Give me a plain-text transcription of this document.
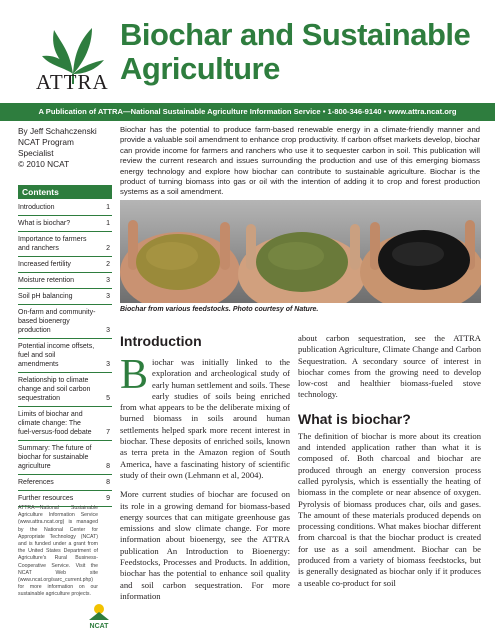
ATTRA
Biochar and Sustainable
Agriculture
A Publication of ATTRA—National Sustainable Agriculture Information Service • 1-800-346-9140 • www.attra.ncat.org
By Jeff Schahczenski
NCAT Program
Specialist
© 2010 NCAT
Biochar has the potential to produce farm-based renewable energy in a climate-friendly manner and provide a valuable soil amendment to enhance crop productivity. If carbon offset markets develop, biochar can provide income for farmers and ranchers who use it to sequester carbon in soil. This publication will review the current research and issues surrounding the production and use of this emerging biomass energy technology and explore how biochar can contribute to sustainable agriculture. Biochar is the product of turning biomass into gas or oil with the intention of adding it to crop and forest production systems as a soil amendment.
Contents
Introduction	1
What is biochar?	1
Importance to farmers and ranchers	2
Increased fertility	2
Moisture retention	3
Soil pH balancing	3
On-farm and community-based bioenergy production	3
Potential income offsets, fuel and soil amendments	3
Relationship to climate change and soil carbon sequestration	5
Limits of biochar and climate change: The fuel-versus-food debate 7
Summary: The future of biochar for sustainable agriculture	8
References	8
Further resources	9
ATTRA—National Sustainable Agriculture Information Service (www.attra.ncat.org) is managed by the National Center for Appropriate Technology (NCAT) and is funded under a grant from the United States Department of Agriculture's Rural Business-Cooperative Service. Visit the NCAT Web site (www.ncat.org/sarc_current.php) for more information on our sustainable agriculture projects.
NCAT
Biochar from various feedstocks. Photo courtesy of Nature.
Introduction

Biochar was initially linked to the exploration and archeological study of early human settlement and soils. These early studies of soils being enriched from what appears to be the deliberate mixing of burned biomass in soils around human settlements helped spark more recent interest in biochar. These deposits of enriched soils, known as terra preta in the Amazon region of South America, have a fascinating history of scientific study of their own (Lehmann et al, 2004).

More current studies of biochar are focused on its role in a growing demand for biomass-based energy sources that can mitigate greenhouse gas emissions and slow climate change. For more information about bioenergy, see the ATTRA publication An Introduction to Bioenergy: Feedstocks, Processes and Products. In addition, biochar has the potential to enhance soil quality and soil carbon sequestration. For more information

about carbon sequestration, see the ATTRA publication Agriculture, Climate Change and Carbon Sequestration. A secondary source of interest in biochar comes from the growing need to develop low-cost and healthier biomass-fueled stove technology.

What is biochar?

The definition of biochar is more about its creation and intended application rather than what it is composed of. Both charcoal and biochar are produced through an energy conversion process called pyrolysis, which is essentially the heating of biomass in the complete or near absence of oxygen. Pyrolysis of biomass produces char, oils and gases. The amount of these materials produced depends on processing conditions. What makes biochar different from charcoal is that the biochar product is created for use as a soil amendment. Biochar can be produced from a variety of biomass feedstocks, but is generally designated as biochar only if it produces a useable co-product for soil
